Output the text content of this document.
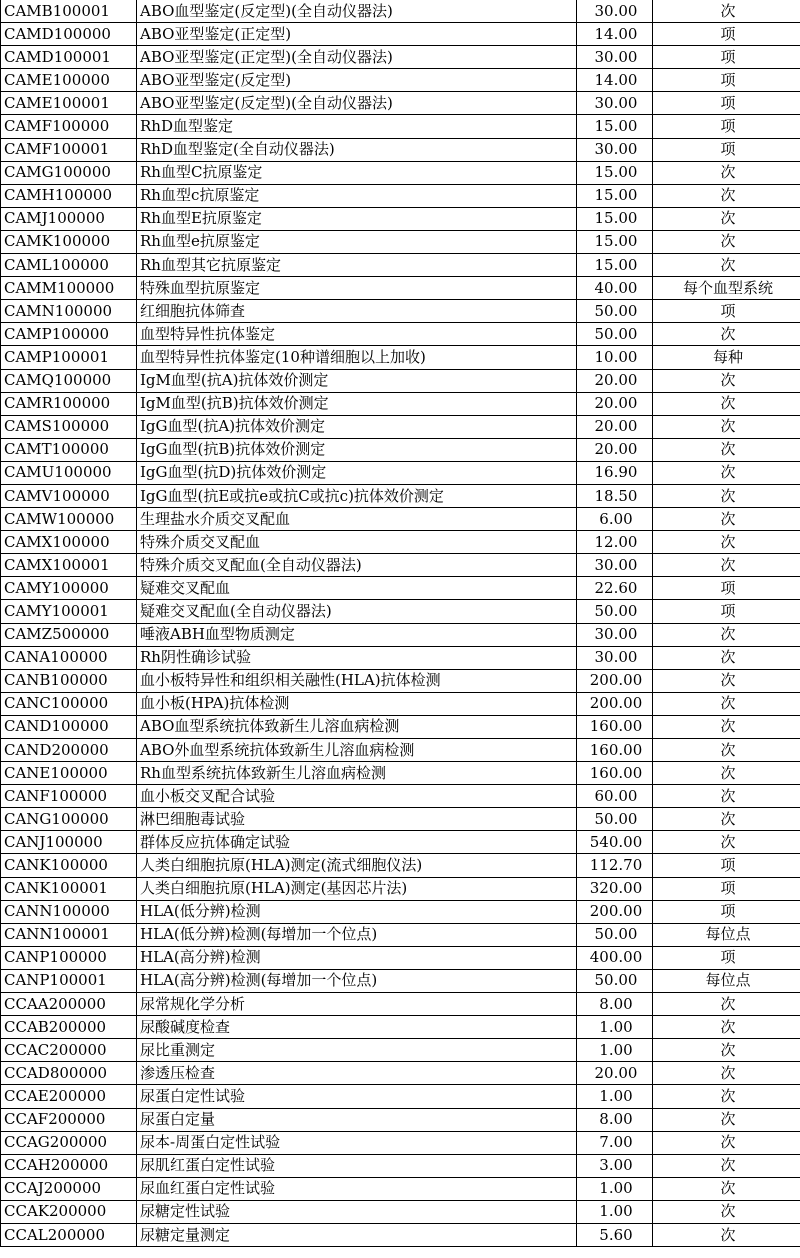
CAMB100001	ABO血型鉴定(反定型)(全自动仪器法)	30.00	次
CAMD100000	ABO亚型鉴定(正定型)	14.00	项
CAMD100001	ABO亚型鉴定(正定型)(全自动仪器法)	30.00	项
CAME100000	ABO亚型鉴定(反定型)	14.00	项
CAME100001	ABO亚型鉴定(反定型)(全自动仪器法)	30.00	项
CAMF100000	RhD血型鉴定	15.00	项
CAMF100001	RhD血型鉴定(全自动仪器法)	30.00	项
CAMG100000	Rh血型C抗原鉴定	15.00	次
CAMH100000	Rh血型c抗原鉴定	15.00	次
CAMJ100000	Rh血型E抗原鉴定	15.00	次
CAMK100000	Rh血型e抗原鉴定	15.00	次
CAML100000	Rh血型其它抗原鉴定	15.00	次
CAMM100000	特殊血型抗原鉴定	40.00	每个血型系统
CAMN100000	红细胞抗体筛查	50.00	项
CAMP100000	血型特异性抗体鉴定	50.00	次
CAMP100001	血型特异性抗体鉴定(10种谱细胞以上加收)	10.00	每种
CAMQ100000	IgM血型(抗A)抗体效价测定	20.00	次
CAMR100000	IgM血型(抗B)抗体效价测定	20.00	次
CAMS100000	IgG血型(抗A)抗体效价测定	20.00	次
CAMT100000	IgG血型(抗B)抗体效价测定	20.00	次
CAMU100000	IgG血型(抗D)抗体效价测定	16.90	次
CAMV100000	IgG血型(抗E或抗e或抗C或抗c)抗体效价测定	18.50	次
CAMW100000	生理盐水介质交叉配血	6.00	次
CAMX100000	特殊介质交叉配血	12.00	次
CAMX100001	特殊介质交叉配血(全自动仪器法)	30.00	次
CAMY100000	疑难交叉配血	22.60	项
CAMY100001	疑难交叉配血(全自动仪器法)	50.00	项
CAMZ500000	唾液ABH血型物质测定	30.00	次
CANA100000	Rh阴性确诊试验	30.00	次
CANB100000	血小板特异性和组织相关融性(HLA)抗体检测	200.00	次
CANC100000	血小板(HPA)抗体检测	200.00	次
CAND100000	ABO血型系统抗体致新生儿溶血病检测	160.00	次
CAND200000	ABO外血型系统抗体致新生儿溶血病检测	160.00	次
CANE100000	Rh血型系统抗体致新生儿溶血病检测	160.00	次
CANF100000	血小板交叉配合试验	60.00	次
CANG100000	淋巴细胞毒试验	50.00	次
CANJ100000	群体反应抗体确定试验	540.00	次
CANK100000	人类白细胞抗原(HLA)测定(流式细胞仪法)	112.70	项
CANK100001	人类白细胞抗原(HLA)测定(基因芯片法)	320.00	项
CANN100000	HLA(低分辨)检测	200.00	项
CANN100001	HLA(低分辨)检测(每增加一个位点)	50.00	每位点
CANP100000	HLA(高分辨)检测	400.00	项
CANP100001	HLA(高分辨)检测(每增加一个位点)	50.00	每位点
CCAA200000	尿常规化学分析	8.00	次
CCAB200000	尿酸碱度检查	1.00	次
CCAC200000	尿比重测定	1.00	次
CCAD800000	渗透压检查	20.00	次
CCAE200000	尿蛋白定性试验	1.00	次
CCAF200000	尿蛋白定量	8.00	次
CCAG200000	尿本-周蛋白定性试验	7.00	次
CCAH200000	尿肌红蛋白定性试验	3.00	次
CCAJ200000	尿血红蛋白定性试验	1.00	次
CCAK200000	尿糖定性试验	1.00	次
CCAL200000	尿糖定量测定	5.60	次
